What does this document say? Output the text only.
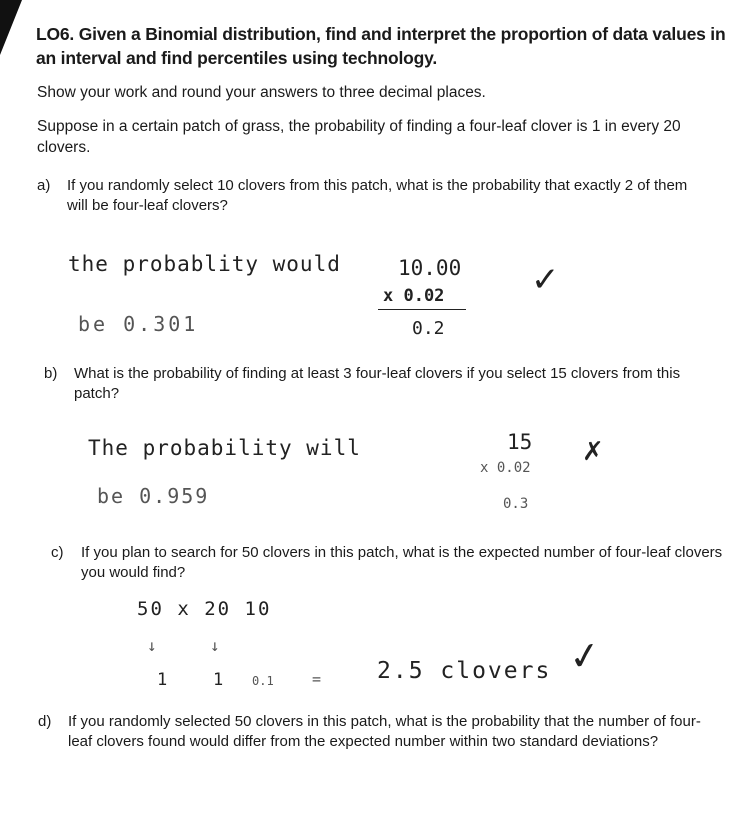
LO6. Given a Binomial distribution, find and interpret the proportion of data values in an interval and find percentiles using technology.
Show your work and round your answers to three decimal places.
Suppose in a certain patch of grass, the probability of finding a four-leaf clover is 1 in every 20 clovers.
a) If you randomly select 10 clovers from this patch, what is the probability that exactly 2 of them
will be four-leaf clovers?
the probablity would
be 0.301
10.00
x 0.02
0.2
✓
b) What is the probability of finding at least 3 four-leaf clovers if you select 15 clovers from this
patch?
The probability will
be 0.959
15
x 0.02
0.3
✗
c) If you plan to search for 50 clovers in this patch, what is the expected number of four-leaf clovers
you would find?
50 x 20 10
↓	↓
1	1 0.1	= 2.5 clovers ✓
d) If you randomly selected 50 clovers in this patch, what is the probability that the number of four-
leaf clovers found would differ from the expected number within two standard deviations?
